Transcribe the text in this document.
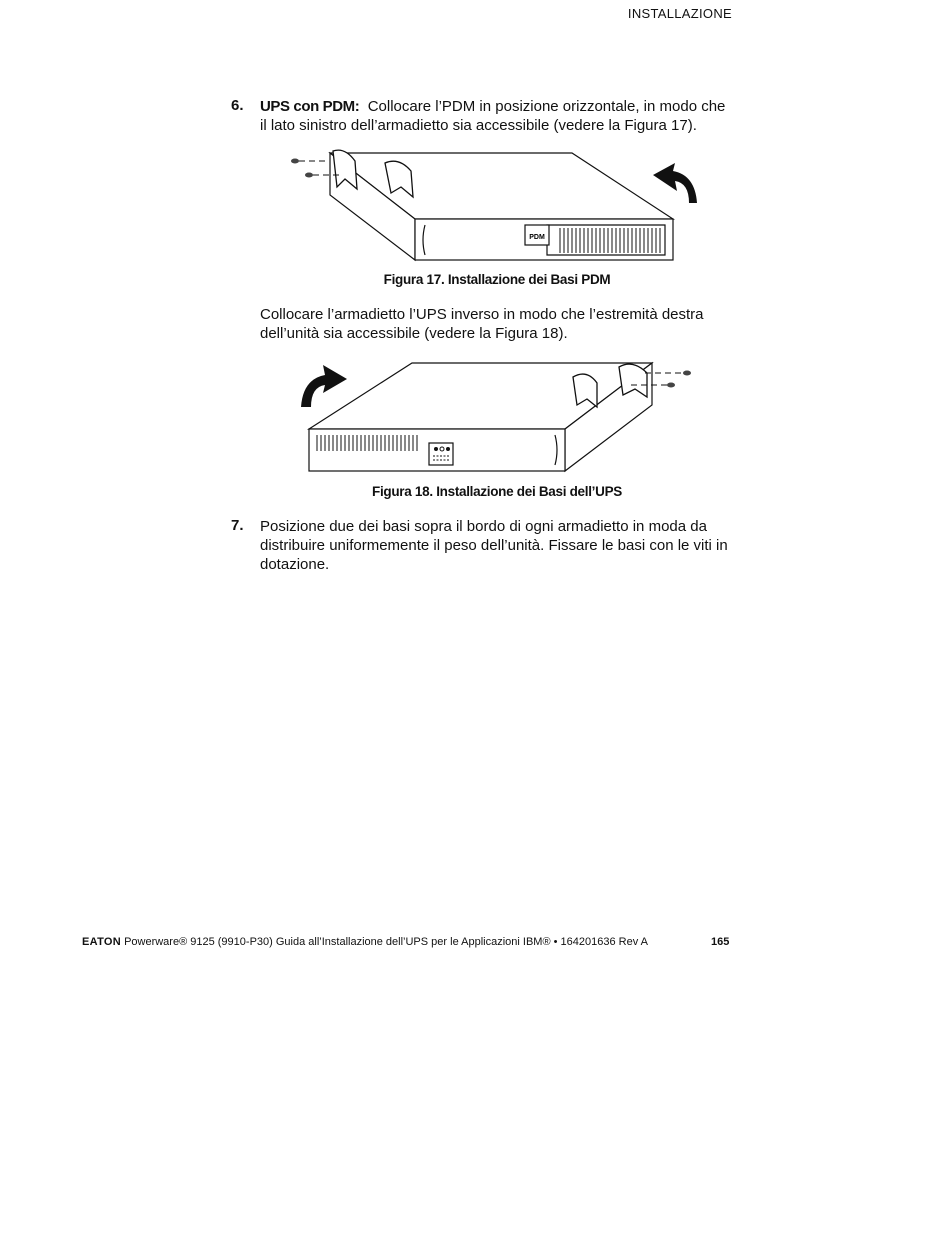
INSTALLAZIONE
6. UPS con PDM: Collocare l’PDM in posizione orizzontale, in modo che il lato sinistro dell’armadietto sia accessibile (vedere la Figura 17).
PDM
Figura 17. Installazione dei Basi PDM
Collocare l’armadietto l’UPS inverso in modo che l’estremità destra dell’unità sia accessibile (vedere la Figura 18).
Figura 18. Installazione dei Basi dell’UPS
7. Posizione due dei basi sopra il bordo di ogni armadietto in moda da distribuire uniformemente il peso dell’unità. Fissare le basi con le viti in dotazione.
EATON Powerware® 9125 (9910-P30) Guida all’Installazione dell’UPS per le Applicazioni IBM® • 164201636 Rev A	165
